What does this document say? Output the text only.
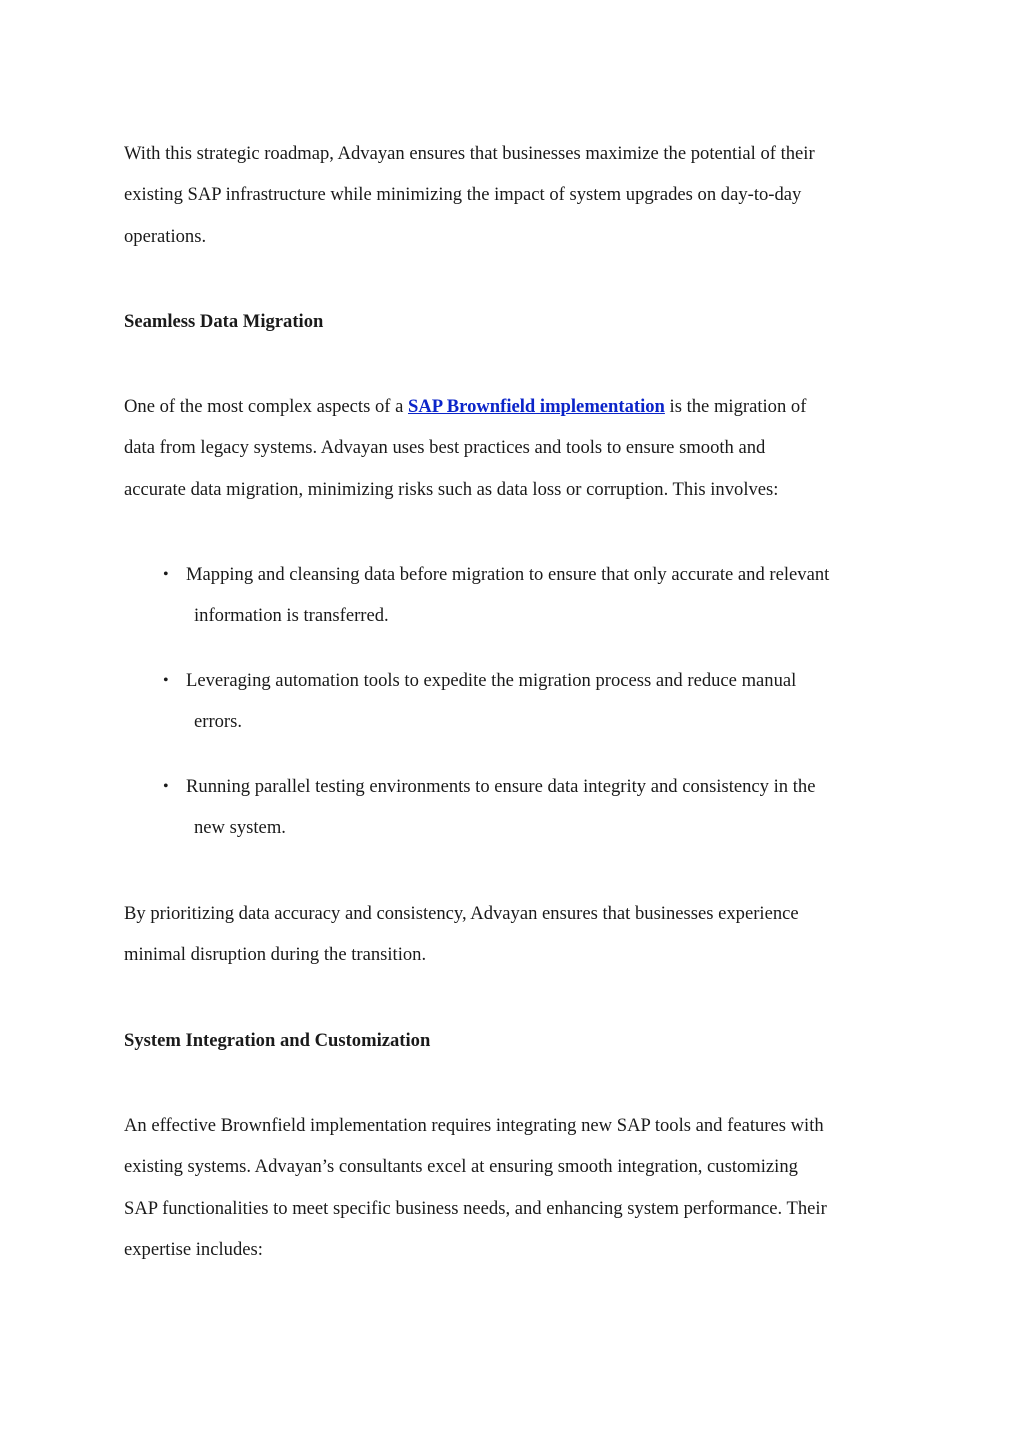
With this strategic roadmap, Advayan ensures that businesses maximize the potential of their
existing SAP infrastructure while minimizing the impact of system upgrades on day-to-day
operations.
Seamless Data Migration
One of the most complex aspects of a SAP Brownfield implementation is the migration of
data from legacy systems. Advayan uses best practices and tools to ensure smooth and
accurate data migration, minimizing risks such as data loss or corruption. This involves:
• Mapping and cleansing data before migration to ensure that only accurate and relevant
information is transferred.
• Leveraging automation tools to expedite the migration process and reduce manual
errors.
• Running parallel testing environments to ensure data integrity and consistency in the
new system.
By prioritizing data accuracy and consistency, Advayan ensures that businesses experience
minimal disruption during the transition.
System Integration and Customization
An effective Brownfield implementation requires integrating new SAP tools and features with
existing systems. Advayan’s consultants excel at ensuring smooth integration, customizing
SAP functionalities to meet specific business needs, and enhancing system performance. Their
expertise includes:
